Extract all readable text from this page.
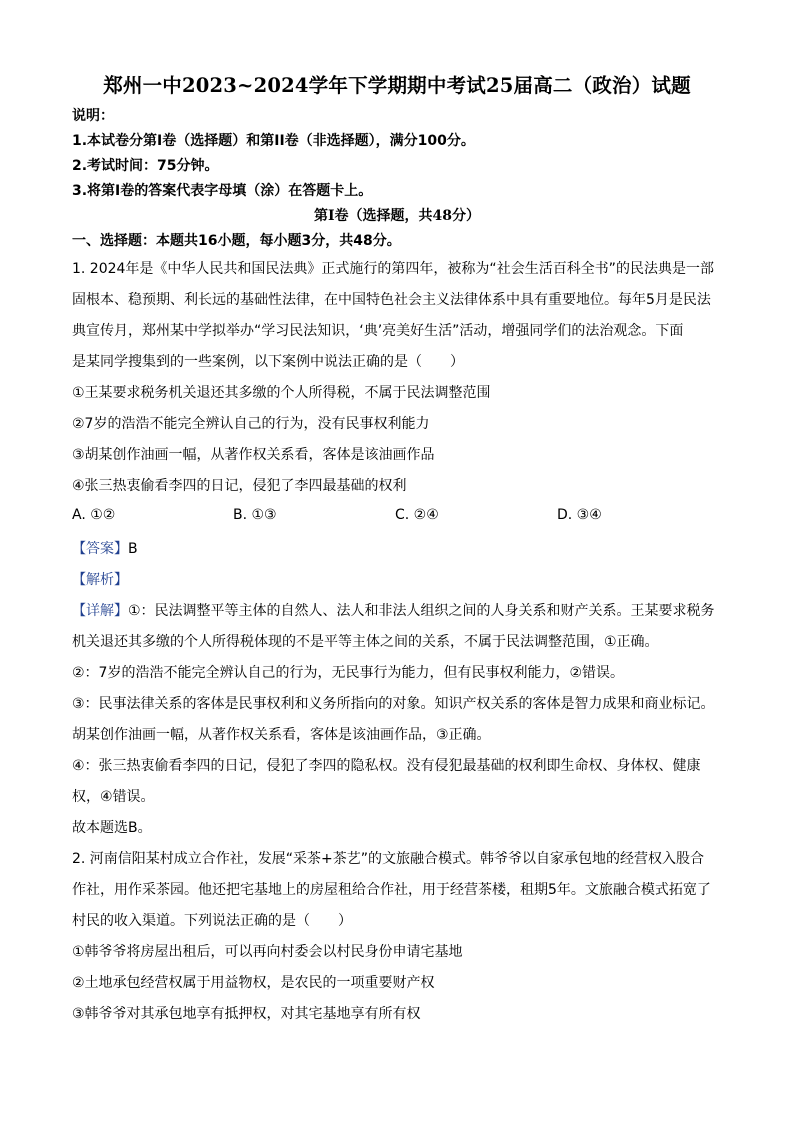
郑州一中2023~2024学年下学期期中考试25届高二（政治）试题
说明：
1.本试卷分第Ⅰ卷（选择题）和第II卷（非选择题），满分100分。
2.考试时间：75分钟。
3.将第Ⅰ卷的答案代表字母填（涂）在答题卡上。
第Ⅰ卷（选择题，共48分）
一、选择题：本题共16小题，每小题3分，共48分。
1. 2024年是《中华人民共和国民法典》正式施行的第四年，被称为“社会生活百科全书”的民法典是一部
固根本、稳预期、利长远的基础性法律，在中国特色社会主义法律体系中具有重要地位。每年5月是民法
典宣传月，郑州某中学拟举办“学习民法知识，‘典’亮美好生活”活动，增强同学们的法治观念。下面
是某同学搜集到的一些案例，以下案例中说法正确的是（　　）
①王某要求税务机关退还其多缴的个人所得税，不属于民法调整范围
②7岁的浩浩不能完全辨认自己的行为，没有民事权利能力
③胡某创作油画一幅，从著作权关系看，客体是该油画作品
④张三热衷偷看李四的日记，侵犯了李四最基础的权利
A. ①②	B. ①③	C. ②④	D. ③④
【答案】B
【解析】
【详解】①：民法调整平等主体的自然人、法人和非法人组织之间的人身关系和财产关系。王某要求税务
机关退还其多缴的个人所得税体现的不是平等主体之间的关系，不属于民法调整范围，①正确。
②：7岁的浩浩不能完全辨认自己的行为，无民事行为能力，但有民事权利能力，②错误。
③：民事法律关系的客体是民事权利和义务所指向的对象。知识产权关系的客体是智力成果和商业标记。
胡某创作油画一幅，从著作权关系看，客体是该油画作品，③正确。
④：张三热衷偷看李四的日记，侵犯了李四的隐私权。没有侵犯最基础的权利即生命权、身体权、健康
权，④错误。
故本题选B。
2. 河南信阳某村成立合作社，发展“采茶+茶艺”的文旅融合模式。韩爷爷以自家承包地的经营权入股合
作社，用作采茶园。他还把宅基地上的房屋租给合作社，用于经营茶楼，租期5年。文旅融合模式拓宽了
村民的收入渠道。下列说法正确的是（　　）
①韩爷爷将房屋出租后，可以再向村委会以村民身份申请宅基地
②土地承包经营权属于用益物权，是农民的一项重要财产权
③韩爷爷对其承包地享有抵押权，对其宅基地享有所有权
